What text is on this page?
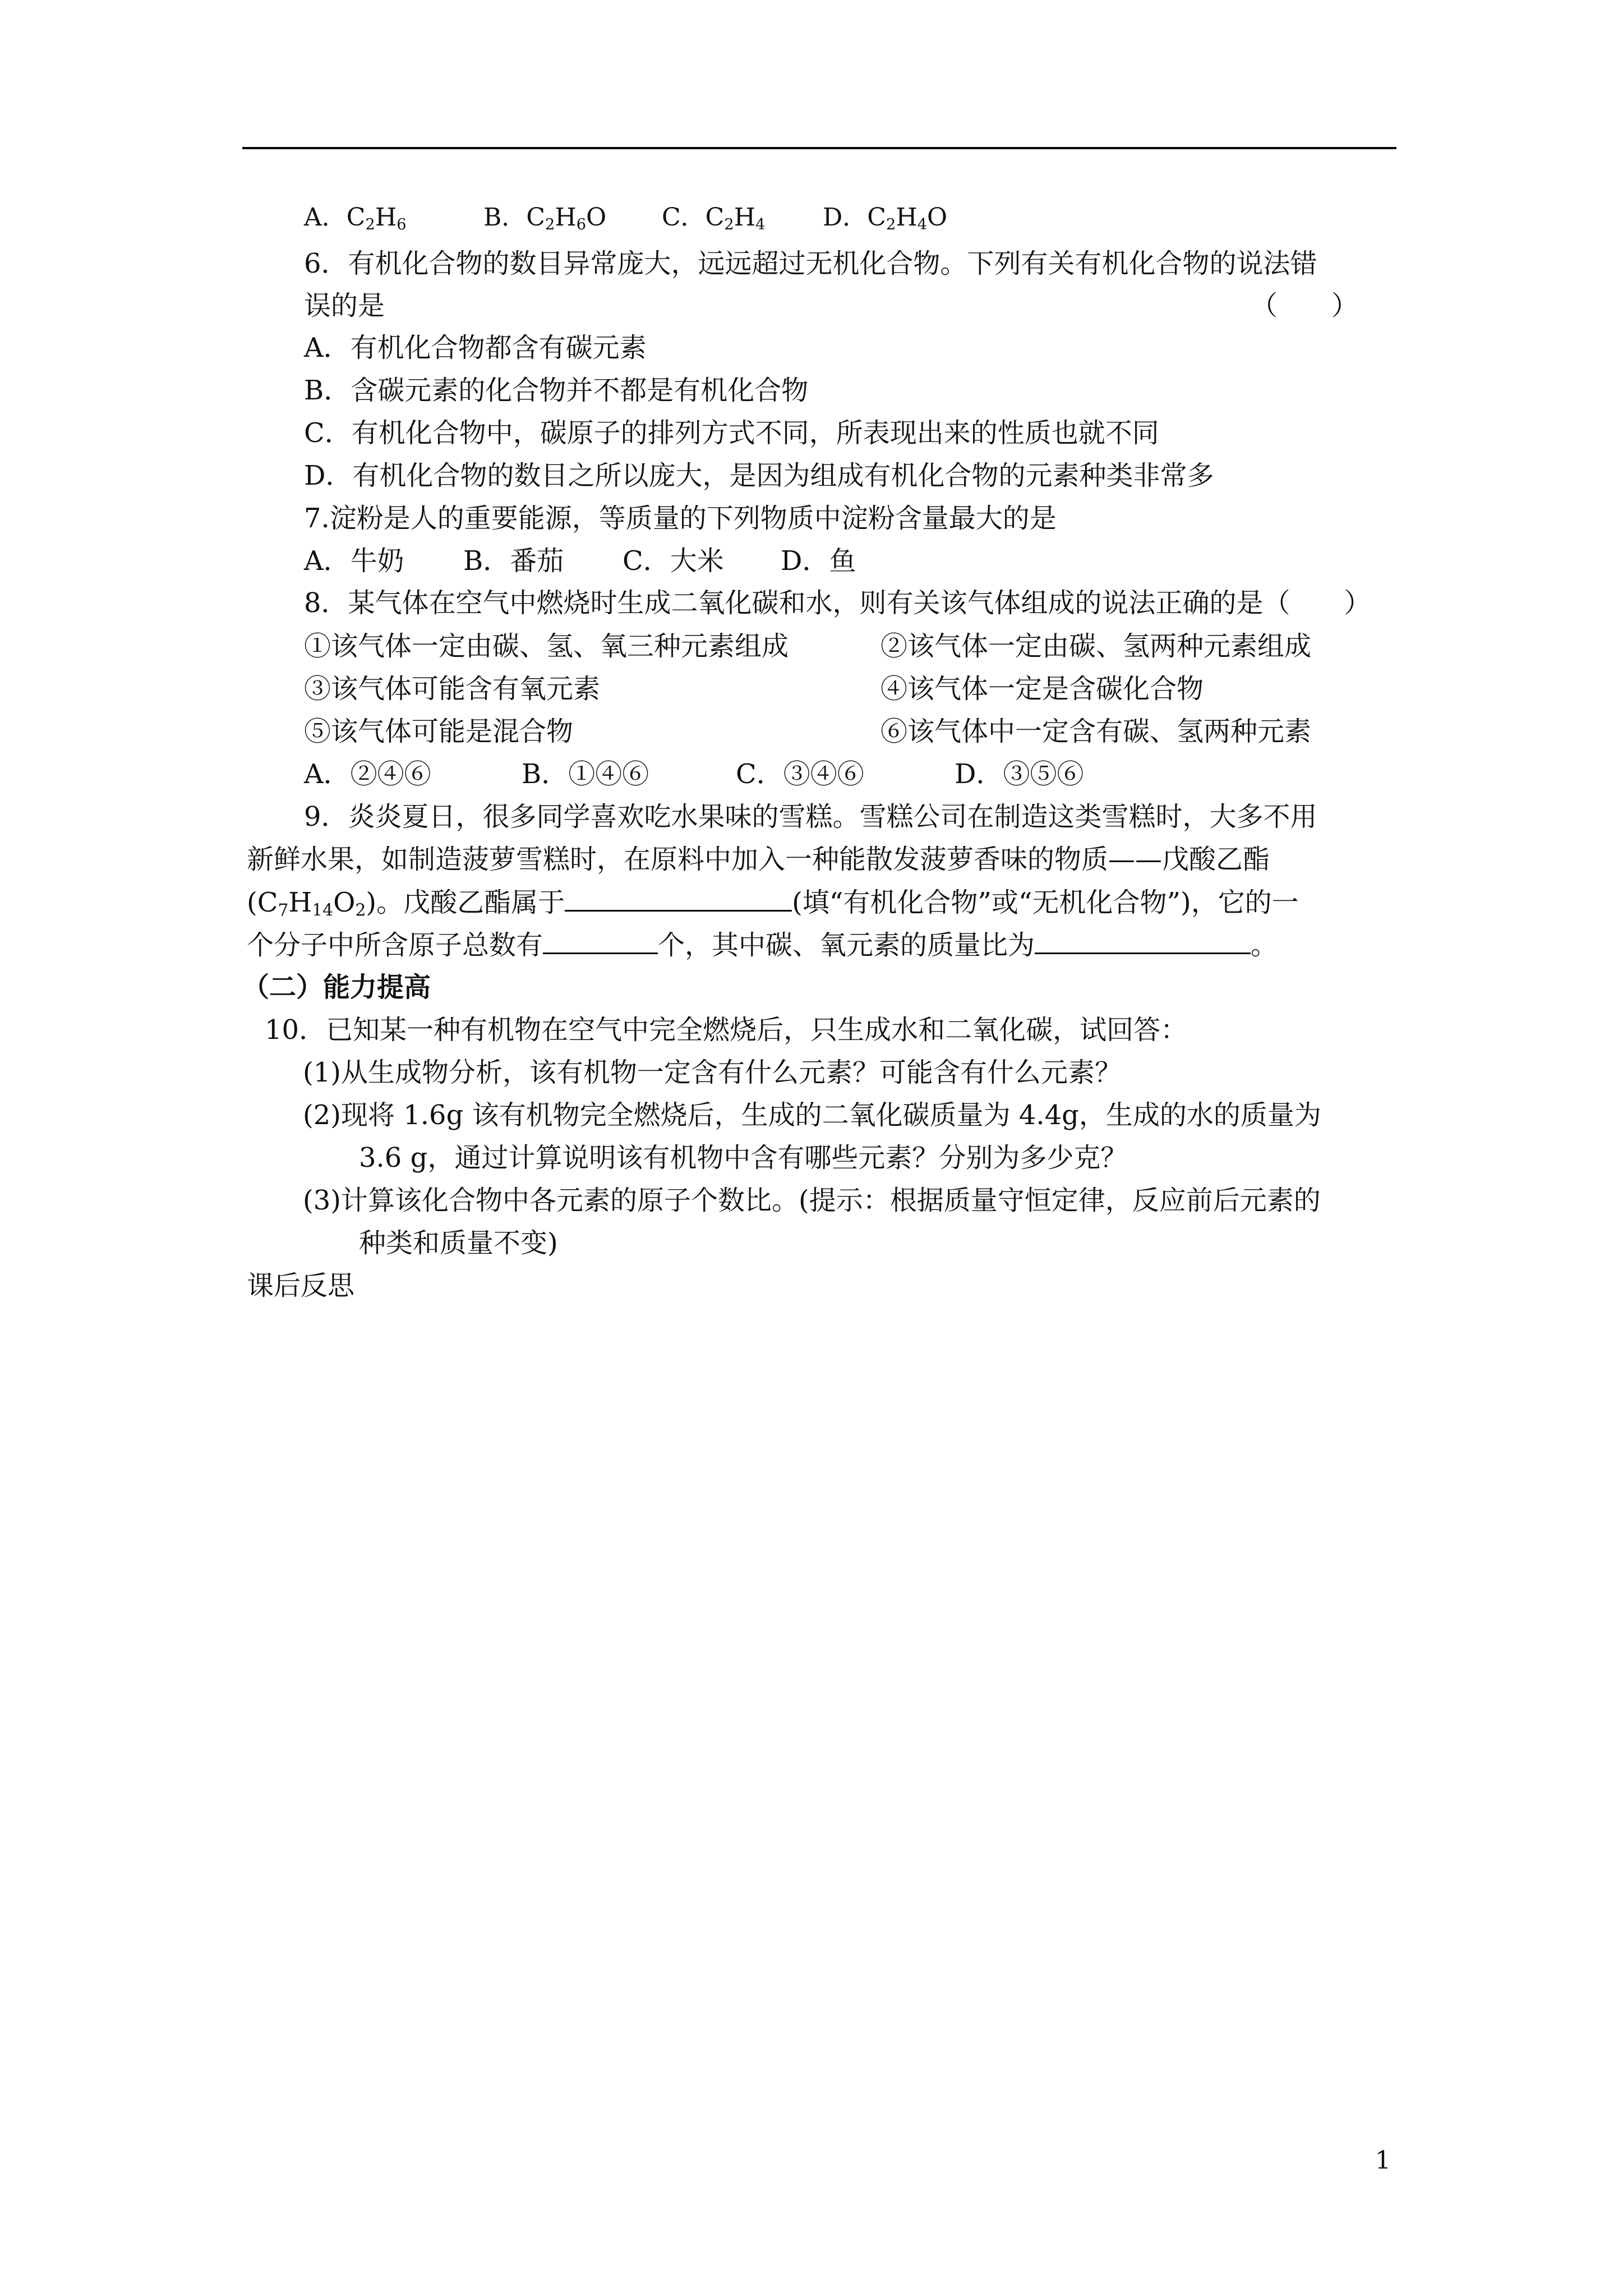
A．$C_2H_6$	B．$C_2H_6O$ C．$C_2H_4$ D．$C_2H_4O$
6．有机化合物的数目异常庞大，远远超过无机化合物。下列有关有机化合物的说法错
误的是	（　　）
A．有机化合物都含有碳元素
B．含碳元素的化合物并不都是有机化合物
C．有机化合物中，碳原子的排列方式不同，所表现出来的性质也就不同
D．有机化合物的数目之所以庞大，是因为组成有机化合物的元素种类非常多
7.淀粉是人的重要能源，等质量的下列物质中淀粉含量最大的是
A．牛奶 B．番茄 C．大米 D．鱼
8．某气体在空气中燃烧时生成二氧化碳和水，则有关该气体组成的说法正确的是（　　）
①该气体一定由碳、氢、氧三种元素组成	②该气体一定由碳、氢两种元素组成
③该气体可能含有氧元素	④该气体一定是含碳化合物
⑤该气体可能是混合物	⑥该气体中一定含有碳、氢两种元素
A．②④⑥	B．①④⑥	C．③④⑥	D．③⑤⑥
9．炎炎夏日，很多同学喜欢吃水果味的雪糕。雪糕公司在制造这类雪糕时，大多不用
新鲜水果，如制造菠萝雪糕时，在原料中加入一种能散发菠萝香味的物质——戊酸乙酯
$(C_7H_{14}O_2)$。戊酸乙酯属于	(填“有机化合物”或“无机化合物”)，它的一
个分子中所含原子总数有	个，其中碳、氧元素的质量比为	。
（二）能力提高
10．已知某一种有机物在空气中完全燃烧后，只生成水和二氧化碳，试回答：
(1)从生成物分析，该有机物一定含有什么元素？可能含有什么元素？
(2)现将 1.6g 该有机物完全燃烧后，生成的二氧化碳质量为 4.4g，生成的水的质量为
3.6 g，通过计算说明该有机物中含有哪些元素？分别为多少克？
(3)计算该化合物中各元素的原子个数比。(提示：根据质量守恒定律，反应前后元素的
种类和质量不变)
课后反思
1
